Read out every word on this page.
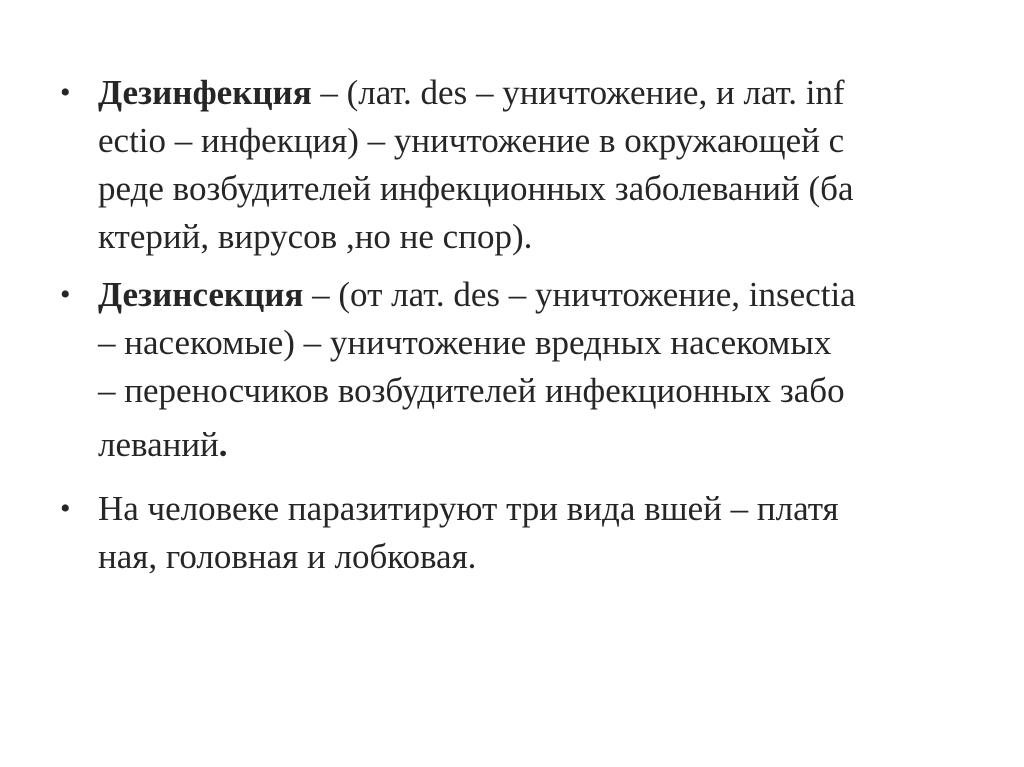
• Дезинфекция – (лат. des – уничтожение, и лат. inf
ectio – инфекция) – уничтожение в окружающей с
реде возбудителей инфекционных заболеваний (ба
ктерий, вирусов ,но не спор).
• Дезинсекция – (от лат. des – уничтожение, insectia
– насекомые) – уничтожение вредных насекомых
– переносчиков возбудителей инфекционных забо
леваний.
• На человеке паразитируют три вида вшей – платя
ная, головная и лобковая.
